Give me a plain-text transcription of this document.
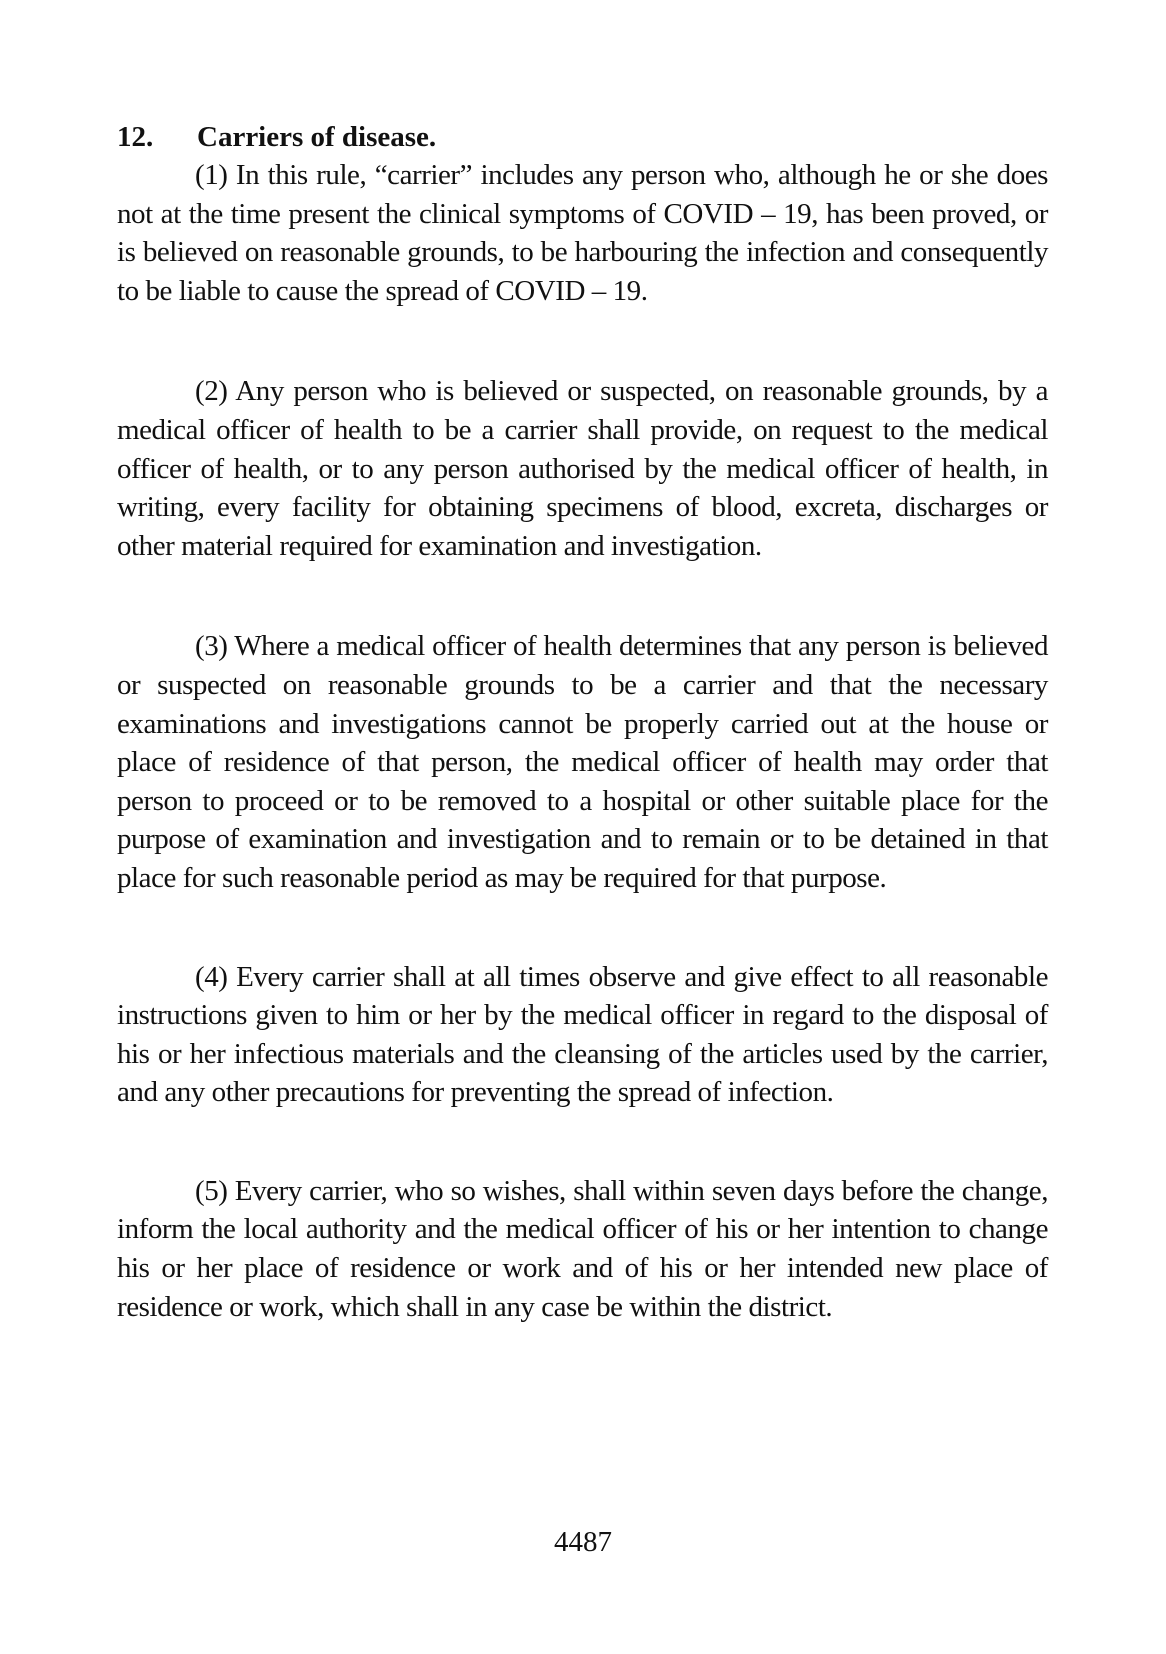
12.	Carriers of disease.

(1) In this rule, “carrier” includes any person who, although he or she does not at the time present the clinical symptoms of COVID – 19, has been proved, or is believed on reasonable grounds, to be harbouring the infection and consequently to be liable to cause the spread of COVID – 19.

(2) Any person who is believed or suspected, on reasonable grounds, by a medical officer of health to be a carrier shall provide, on request to the medical officer of health, or to any person authorised by the medical officer of health, in writing, every facility for obtaining specimens of blood, excreta, discharges or other material required for examination and investigation.

(3) Where a medical officer of health determines that any person is believed or suspected on reasonable grounds to be a carrier and that the necessary examinations and investigations cannot be properly carried out at the house or place of residence of that person, the medical officer of health may order that person to proceed or to be removed to a hospital or other suitable place for the purpose of examination and investigation and to remain or to be detained in that place for such reasonable period as may be required for that purpose.

(4) Every carrier shall at all times observe and give effect to all reasonable instructions given to him or her by the medical officer in regard to the disposal of his or her infectious materials and the cleansing of the articles used by the carrier, and any other precautions for preventing the spread of infection.

(5) Every carrier, who so wishes, shall within seven days before the change, inform the local authority and the medical officer of his or her intention to change his or her place of residence or work and of his or her intended new place of residence or work, which shall in any case be within the district.

4487
